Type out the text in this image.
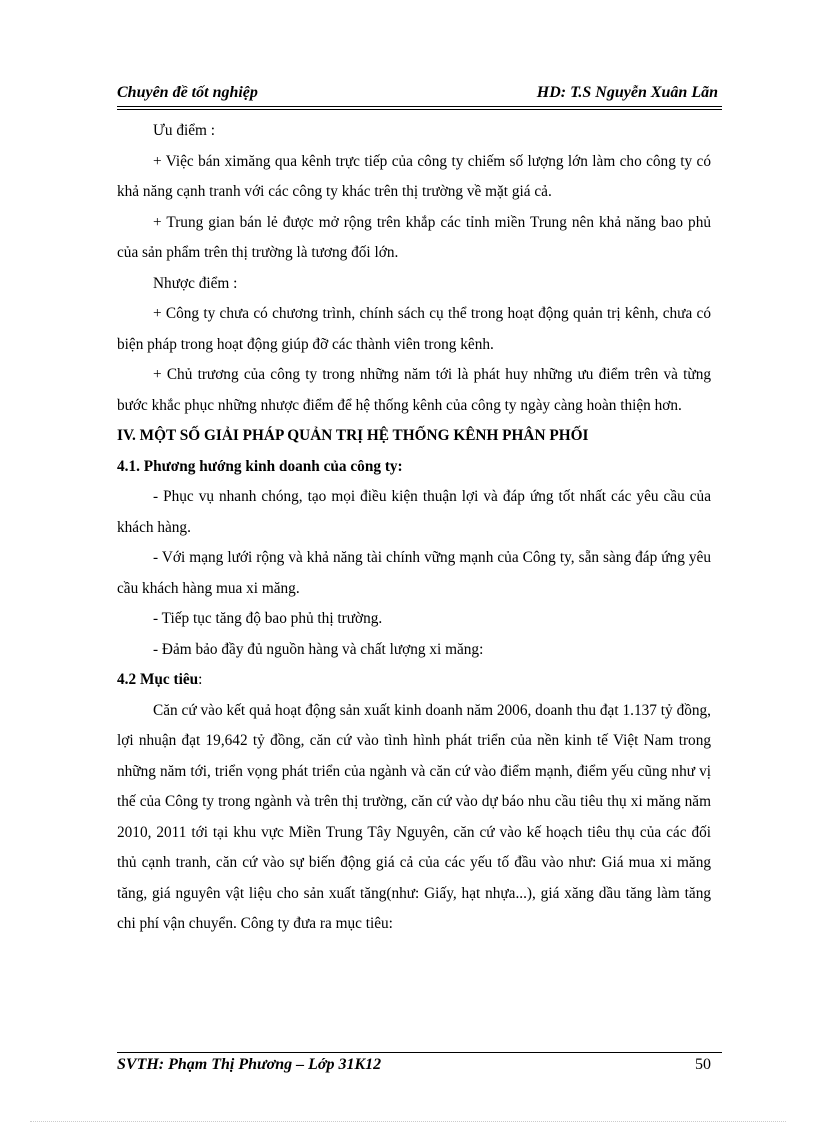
Chuyên đề tốt nghiệp	HD: T.S Nguyễn Xuân Lãn

Ưu điểm :

+ Việc bán ximăng qua kênh trực tiếp của công ty chiếm số lượng lớn làm cho công ty có khả năng cạnh tranh với các công ty khác trên thị trường về mặt giá cả.

+ Trung gian bán lẻ được mở rộng trên khắp các tỉnh miền Trung nên khả năng bao phủ của sản phẩm trên thị trường là tương đối lớn.

Nhược điểm :

+ Công ty chưa có chương trình, chính sách cụ thể trong hoạt động quản trị kênh, chưa có biện pháp trong hoạt động giúp đỡ các thành viên trong kênh.

+ Chủ trương của công ty trong những năm tới là phát huy những ưu điểm trên và từng bước khắc phục những nhược điểm để hệ thống kênh của công ty ngày càng hoàn thiện hơn.

IV. MỘT SỐ GIẢI PHÁP QUẢN TRỊ HỆ THỐNG KÊNH PHÂN PHỐI

4.1. Phương hướng kinh doanh của công ty:

- Phục vụ nhanh chóng, tạo mọi điều kiện thuận lợi và đáp ứng tốt nhất các yêu cầu của khách hàng.

- Với mạng lưới rộng và khả năng tài chính vững mạnh của Công ty, sẵn sàng đáp ứng yêu cầu khách hàng mua xi măng.

- Tiếp tục tăng độ bao phủ thị trường.

- Đảm bảo đầy đủ nguồn hàng và chất lượng xi măng:

4.2 Mục tiêu:

Căn cứ vào kết quả hoạt động sản xuất kinh doanh năm 2006, doanh thu đạt 1.137 tỷ đồng, lợi nhuận đạt 19,642 tỷ đồng, căn cứ vào tình hình phát triển của nền kinh tế Việt Nam trong những năm tới, triển vọng phát triển của ngành và căn cứ vào điểm mạnh, điểm yếu cũng như vị thế của Công ty trong ngành và trên thị trường, căn cứ vào dự báo nhu cầu tiêu thụ xi măng năm 2010, 2011 tới tại khu vực Miền Trung Tây Nguyên, căn cứ vào kế hoạch tiêu thụ của các đối thủ cạnh tranh, căn cứ vào sự biến động giá cả của các yếu tố đầu vào như: Giá mua xi măng tăng, giá nguyên vật liệu cho sản xuất tăng(như: Giấy, hạt nhựa...), giá xăng dầu tăng làm tăng chi phí vận chuyển. Công ty đưa ra mục tiêu:

SVTH: Phạm Thị Phương – Lớp 31K12	50
